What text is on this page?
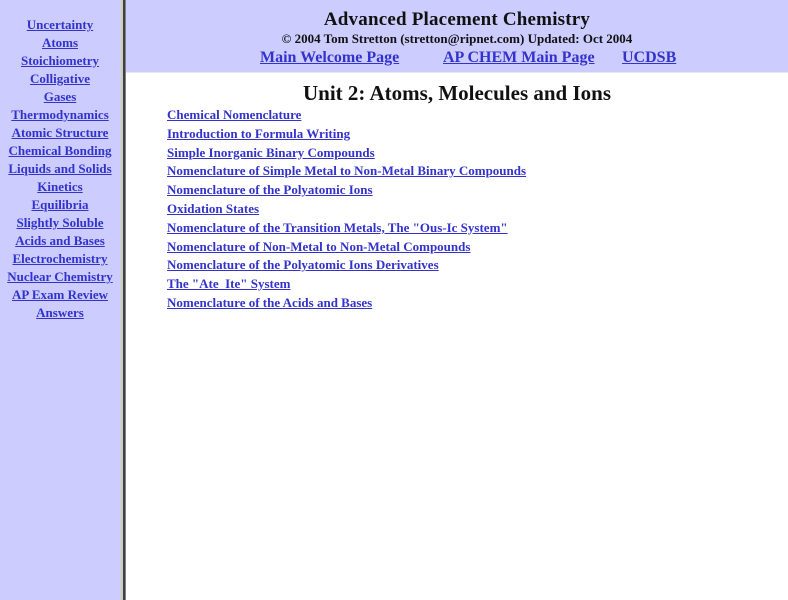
Uncertainty
Atoms
Stoichiometry
Colligative
Gases
Thermodynamics
Atomic Structure
Chemical Bonding
Liquids and Solids
Kinetics
Equilibria
Slightly Soluble
Acids and Bases
Electrochemistry
Nuclear Chemistry
AP Exam Review
Answers
Advanced Placement Chemistry
© 2004 Tom Stretton (stretton@ripnet.com) Updated: Oct 2004
Main Welcome Page	AP CHEM Main Page UCDSB
Unit 2: Atoms, Molecules and Ions
Chemical Nomenclature
Introduction to Formula Writing
Simple Inorganic Binary Compounds
Nomenclature of Simple Metal to Non-Metal Binary Compounds
Nomenclature of the Polyatomic Ions
Oxidation States
Nomenclature of the Transition Metals, The "Ous-Ic System"
Nomenclature of Non-Metal to Non-Metal Compounds
Nomenclature of the Polyatomic Ions Derivatives
The "Ate_Ite" System
Nomenclature of the Acids and Bases
